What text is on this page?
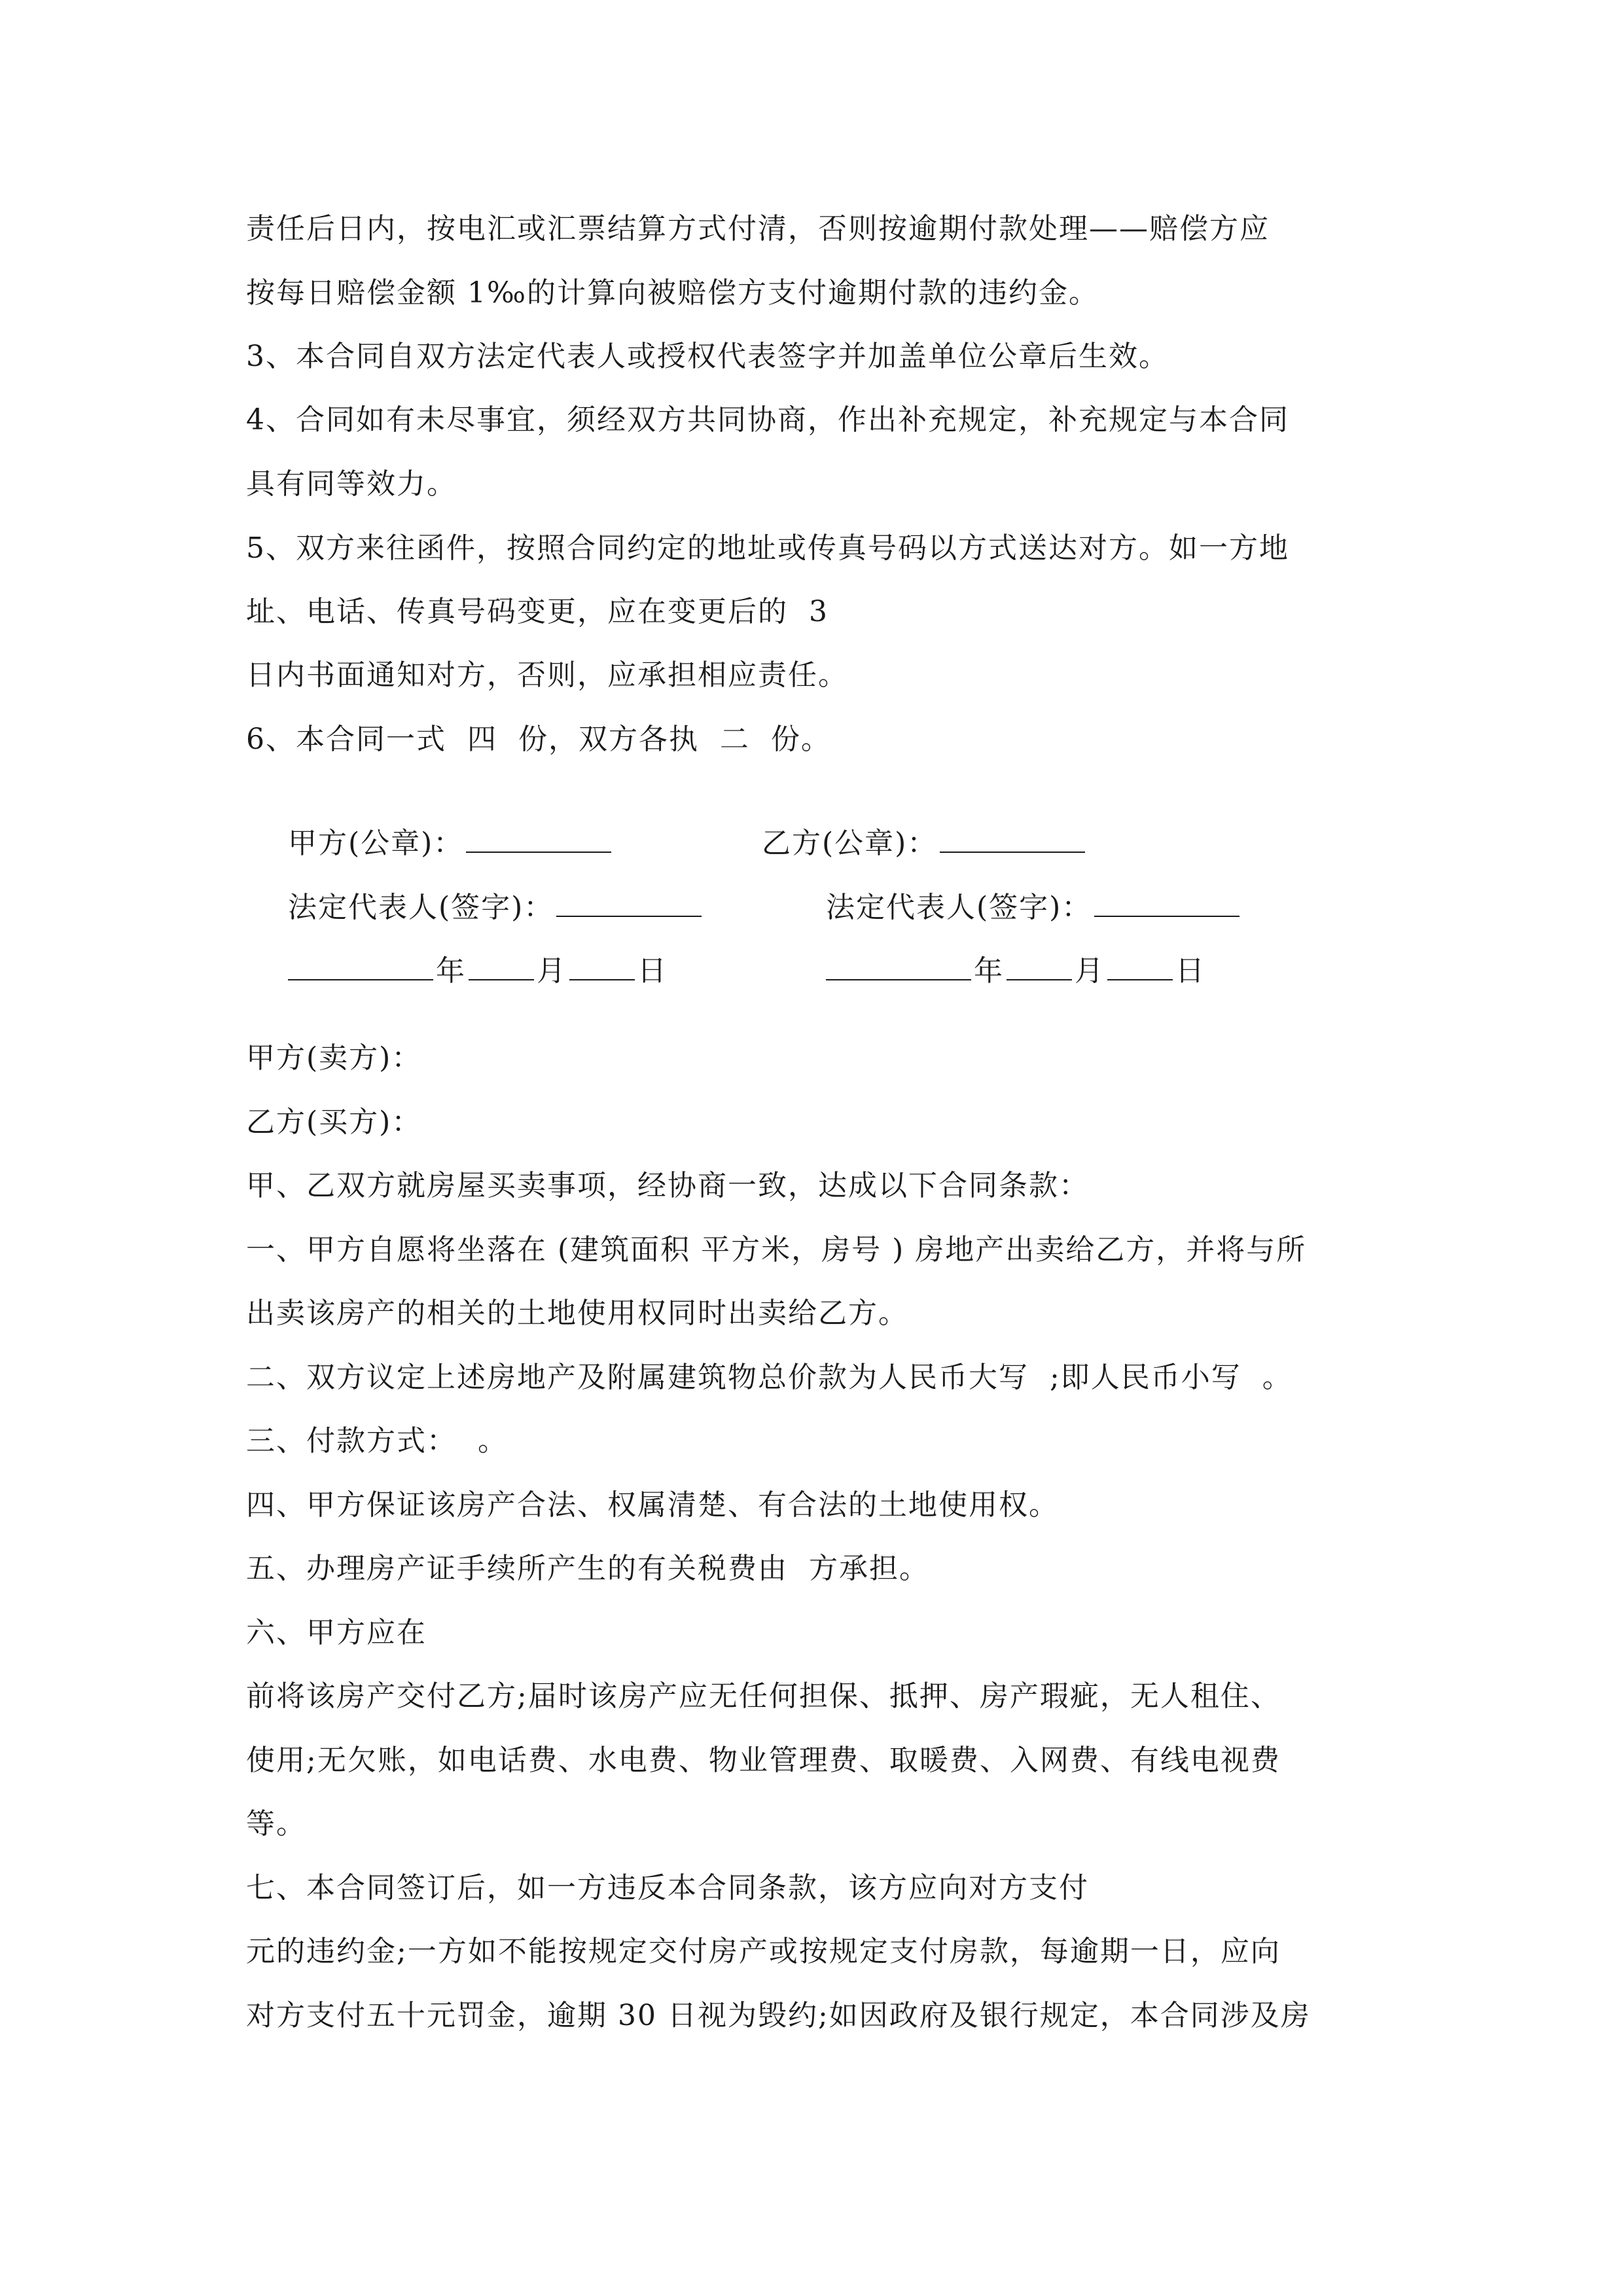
责任后日内，按电汇或汇票结算方式付清，否则按逾期付款处理——赔偿方应
按每日赔偿金额 1‰的计算向被赔偿方支付逾期付款的违约金。
3、本合同自双方法定代表人或授权代表签字并加盖单位公章后生效。
4、合同如有未尽事宜，须经双方共同协商，作出补充规定，补充规定与本合同
具有同等效力。
5、双方来往函件，按照合同约定的地址或传真号码以方式送达对方。如一方地
址、电话、传真号码变更，应在变更后的  3
日内书面通知对方，否则，应承担相应责任。
6、本合同一式  四  份，双方各执  二  份。

甲方(公章)：
	乙方(公章)：

法定代表人(签字)：
	法定代表人(签字)：

年 月 日
	年 月 日

甲方(卖方)：
乙方(买方)：
甲、乙双方就房屋买卖事项，经协商一致，达成以下合同条款：
一、甲方自愿将坐落在 (建筑面积 平方米，房号 ) 房地产出卖给乙方，并将与所
出卖该房产的相关的土地使用权同时出卖给乙方。
二、双方议定上述房地产及附属建筑物总价款为人民币大写  ;即人民币小写  。
三、付款方式：  。
四、甲方保证该房产合法、权属清楚、有合法的土地使用权。
五、办理房产证手续所产生的有关税费由  方承担。
六、甲方应在
前将该房产交付乙方;届时该房产应无任何担保、抵押、房产瑕疵，无人租住、
使用;无欠账，如电话费、水电费、物业管理费、取暖费、入网费、有线电视费
等。
七、本合同签订后，如一方违反本合同条款，该方应向对方支付
元的违约金;一方如不能按规定交付房产或按规定支付房款，每逾期一日，应向
对方支付五十元罚金，逾期 30 日视为毁约;如因政府及银行规定，本合同涉及房
